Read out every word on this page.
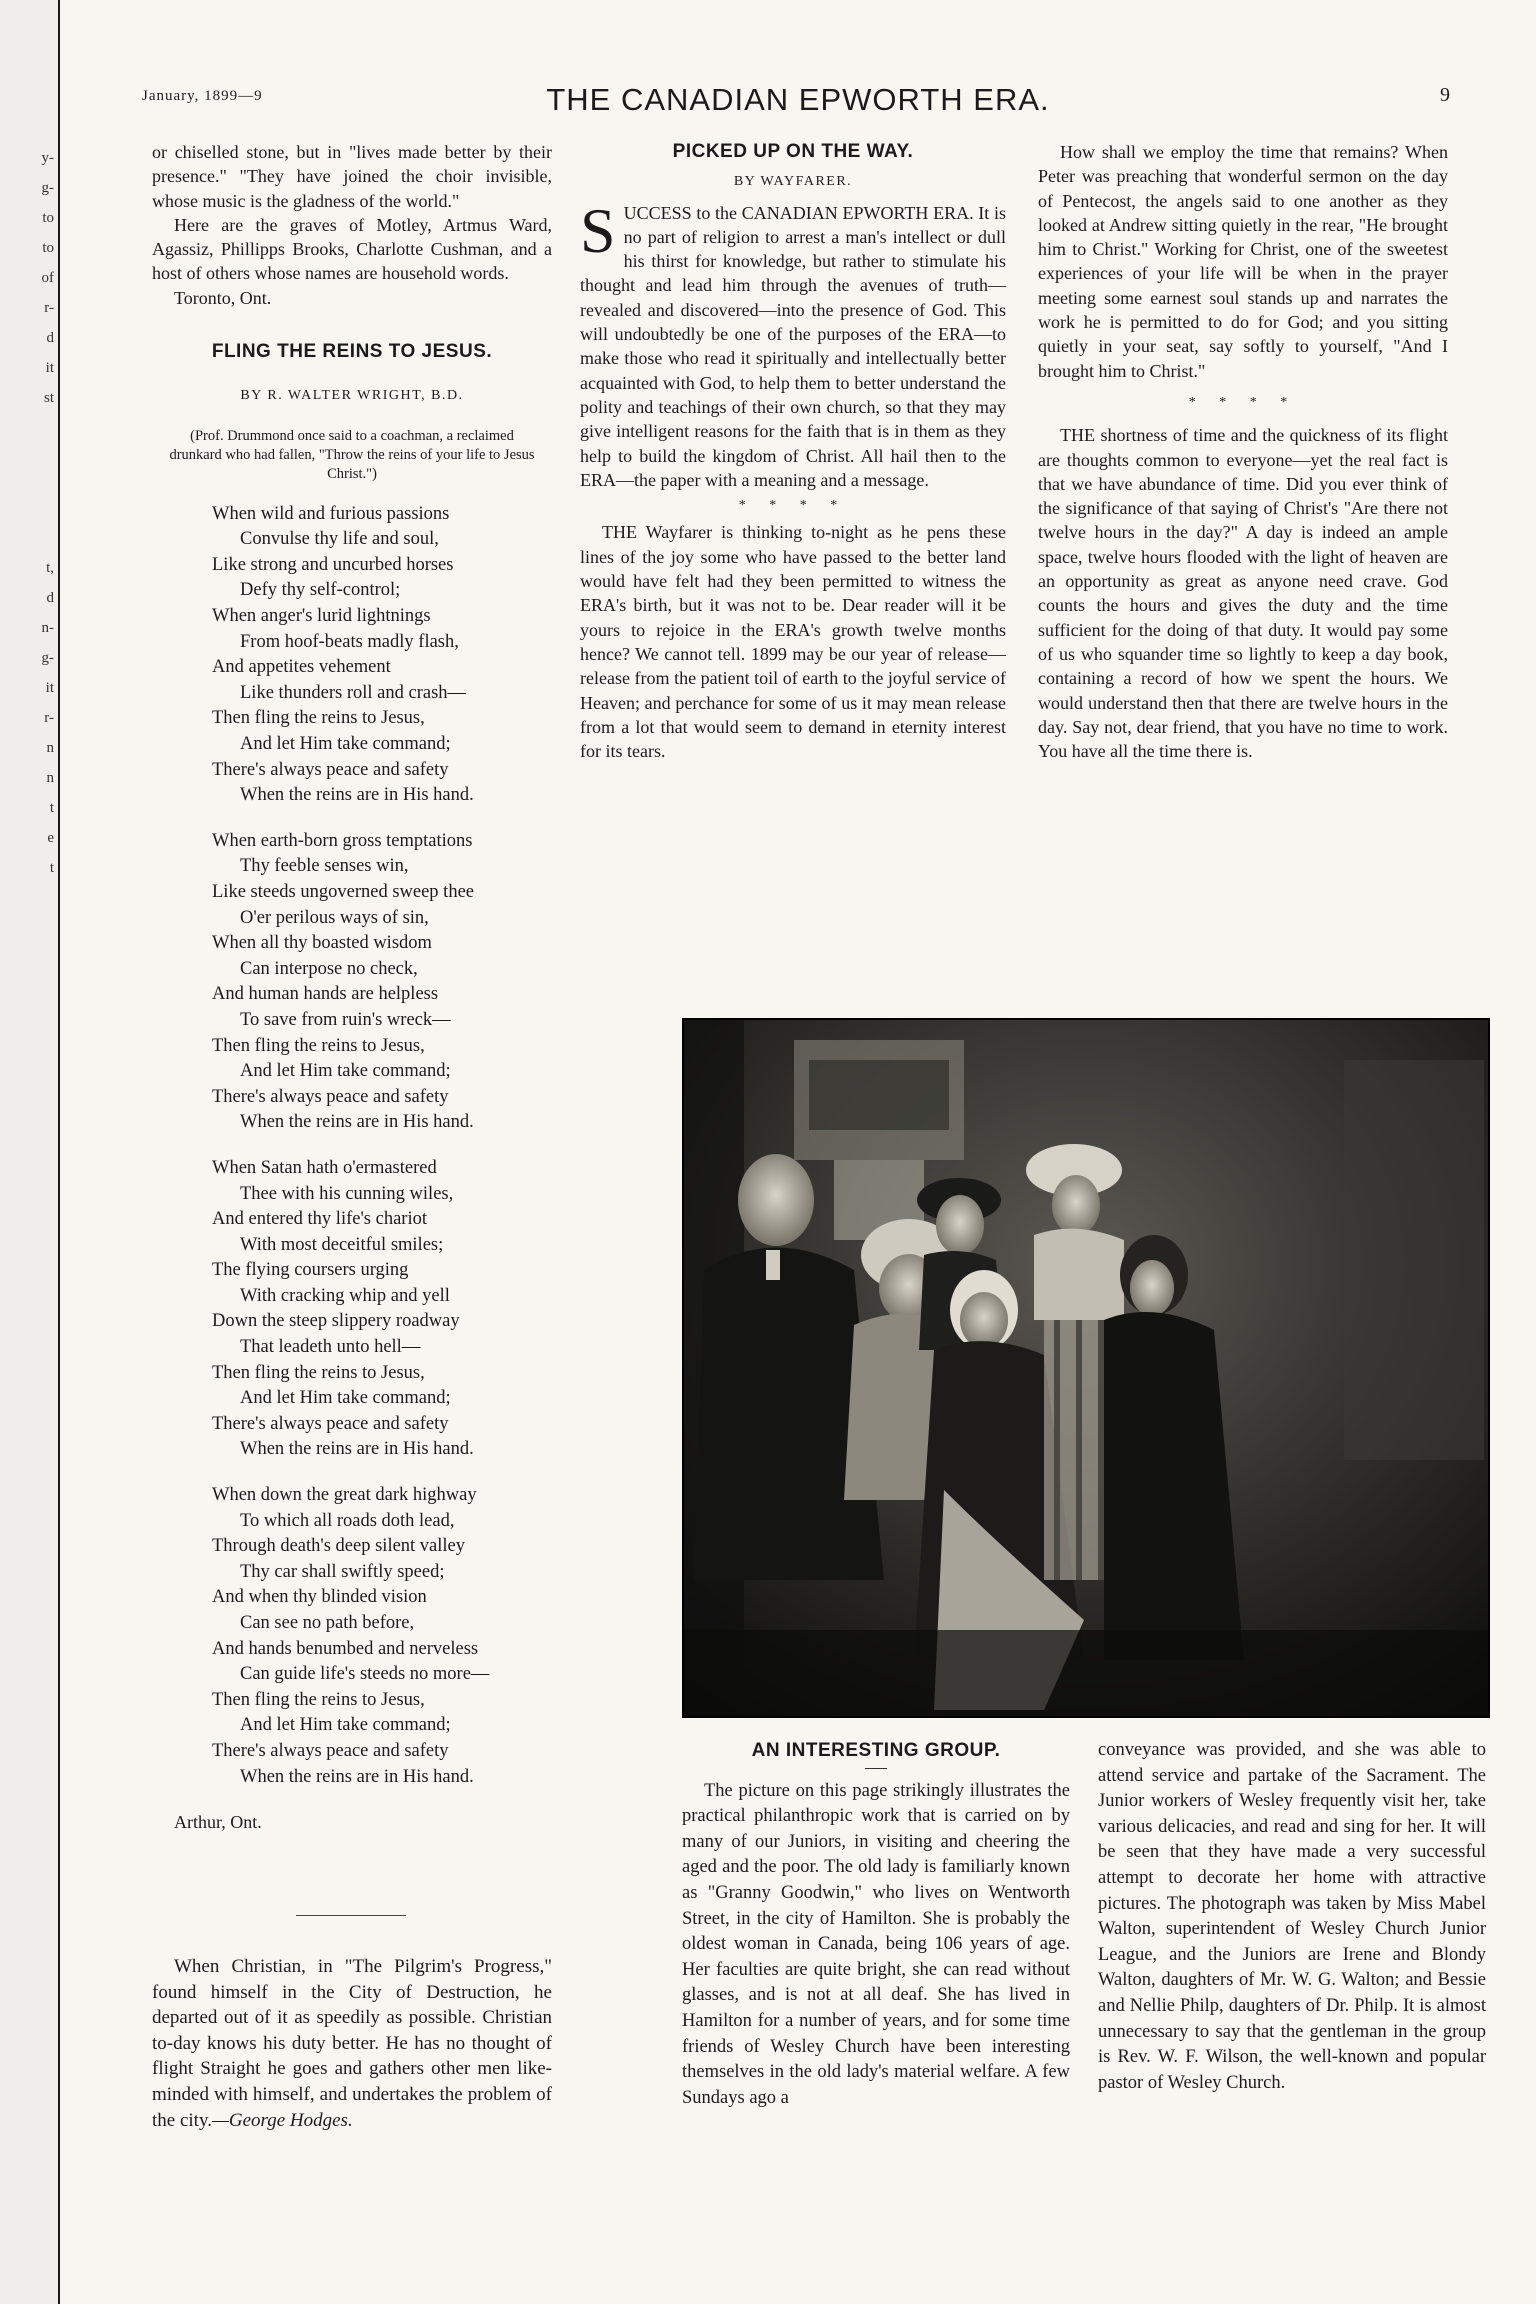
y-
g-
to
to
of
r-
d
it
st
t,
d
n-
g-
it
r-
n
n
t
e
t
January, 1899—9	THE CANADIAN EPWORTH ERA.	9

or chiselled stone, but in "lives made better by their presence." "They have joined the choir invisible, whose music is the gladness of the world."

Here are the graves of Motley, Artmus Ward, Agassiz, Phillipps Brooks, Charlotte Cushman, and a host of others whose names are household words.

Toronto, Ont.

FLING THE REINS TO JESUS.
BY R. WALTER WRIGHT, B.D.
(Prof. Drummond once said to a coachman, a reclaimed drunkard who had fallen, "Throw the reins of your life to Jesus Christ.")
When wild and furious passions
Convulse thy life and soul,
Like strong and uncurbed horses
Defy thy self-control;
When anger's lurid lightnings
From hoof-beats madly flash,
And appetites vehement
Like thunders roll and crash—
Then fling the reins to Jesus,
And let Him take command;
There's always peace and safety
When the reins are in His hand.
When earth-born gross temptations
Thy feeble senses win,
Like steeds ungoverned sweep thee
O'er perilous ways of sin,
When all thy boasted wisdom
Can interpose no check,
And human hands are helpless
To save from ruin's wreck—
Then fling the reins to Jesus,
And let Him take command;
There's always peace and safety
When the reins are in His hand.
When Satan hath o'ermastered
Thee with his cunning wiles,
And entered thy life's chariot
With most deceitful smiles;
The flying coursers urging
With cracking whip and yell
Down the steep slippery roadway
That leadeth unto hell—
Then fling the reins to Jesus,
And let Him take command;
There's always peace and safety
When the reins are in His hand.
When down the great dark highway
To which all roads doth lead,
Through death's deep silent valley
Thy car shall swiftly speed;
And when thy blinded vision
Can see no path before,
And hands benumbed and nerveless
Can guide life's steeds no more—
Then fling the reins to Jesus,
And let Him take command;
There's always peace and safety
When the reins are in His hand.

Arthur, Ont.

When Christian, in "The Pilgrim's Progress," found himself in the City of Destruction, he departed out of it as speedily as possible. Christian to-day knows his duty better. He has no thought of flight Straight he goes and gathers other men like-minded with himself, and undertakes the problem of the city.—George Hodges.

PICKED UP ON THE WAY.
BY WAYFARER.

SUCCESS to the CANADIAN EPWORTH ERA. It is no part of religion to arrest a man's intellect or dull his thirst for knowledge, but rather to stimulate his thought and lead him through the avenues of truth—revealed and discovered—into the presence of God. This will undoubtedly be one of the purposes of the ERA—to make those who read it spiritually and intellectually better acquainted with God, to help them to better understand the polity and teachings of their own church, so that they may give intelligent reasons for the faith that is in them as they help to build the kingdom of Christ. All hail then to the ERA—the paper with a meaning and a message.

* * * *

THE Wayfarer is thinking to-night as he pens these lines of the joy some who have passed to the better land would have felt had they been permitted to witness the ERA's birth, but it was not to be. Dear reader will it be yours to rejoice in the ERA's growth twelve months hence? We cannot tell. 1899 may be our year of release—release from the patient toil of earth to the joyful service of Heaven; and perchance for some of us it may mean release from a lot that would seem to demand in eternity interest for its tears.

How shall we employ the time that remains? When Peter was preaching that wonderful sermon on the day of Pentecost, the angels said to one another as they looked at Andrew sitting quietly in the rear, "He brought him to Christ." Working for Christ, one of the sweetest experiences of your life will be when in the prayer meeting some earnest soul stands up and narrates the work he is permitted to do for God; and you sitting quietly in your seat, say softly to yourself, "And I brought him to Christ."

* * * *

THE shortness of time and the quickness of its flight are thoughts common to everyone—yet the real fact is that we have abundance of time. Did you ever think of the significance of that saying of Christ's "Are there not twelve hours in the day?" A day is indeed an ample space, twelve hours flooded with the light of heaven are an opportunity as great as anyone need crave. God counts the hours and gives the duty and the time sufficient for the doing of that duty. It would pay some of us who squander time so lightly to keep a day book, containing a record of how we spent the hours. We would understand then that there are twelve hours in the day. Say not, dear friend, that you have no time to work. You have all the time there is.

AN INTERESTING GROUP.

The picture on this page strikingly illustrates the practical philanthropic work that is carried on by many of our Juniors, in visiting and cheering the aged and the poor. The old lady is familiarly known as "Granny Goodwin," who lives on Wentworth Street, in the city of Hamilton. She is probably the oldest woman in Canada, being 106 years of age. Her faculties are quite bright, she can read without glasses, and is not at all deaf. She has lived in Hamilton for a number of years, and for some time friends of Wesley Church have been interesting themselves in the old lady's material welfare. A few Sundays ago a

conveyance was provided, and she was able to attend service and partake of the Sacrament. The Junior workers of Wesley frequently visit her, take various delicacies, and read and sing for her. It will be seen that they have made a very successful attempt to decorate her home with attractive pictures. The photograph was taken by Miss Mabel Walton, superintendent of Wesley Church Junior League, and the Juniors are Irene and Blondy Walton, daughters of Mr. W. G. Walton; and Bessie and Nellie Philp, daughters of Dr. Philp. It is almost unnecessary to say that the gentleman in the group is Rev. W. F. Wilson, the well-known and popular pastor of Wesley Church.
